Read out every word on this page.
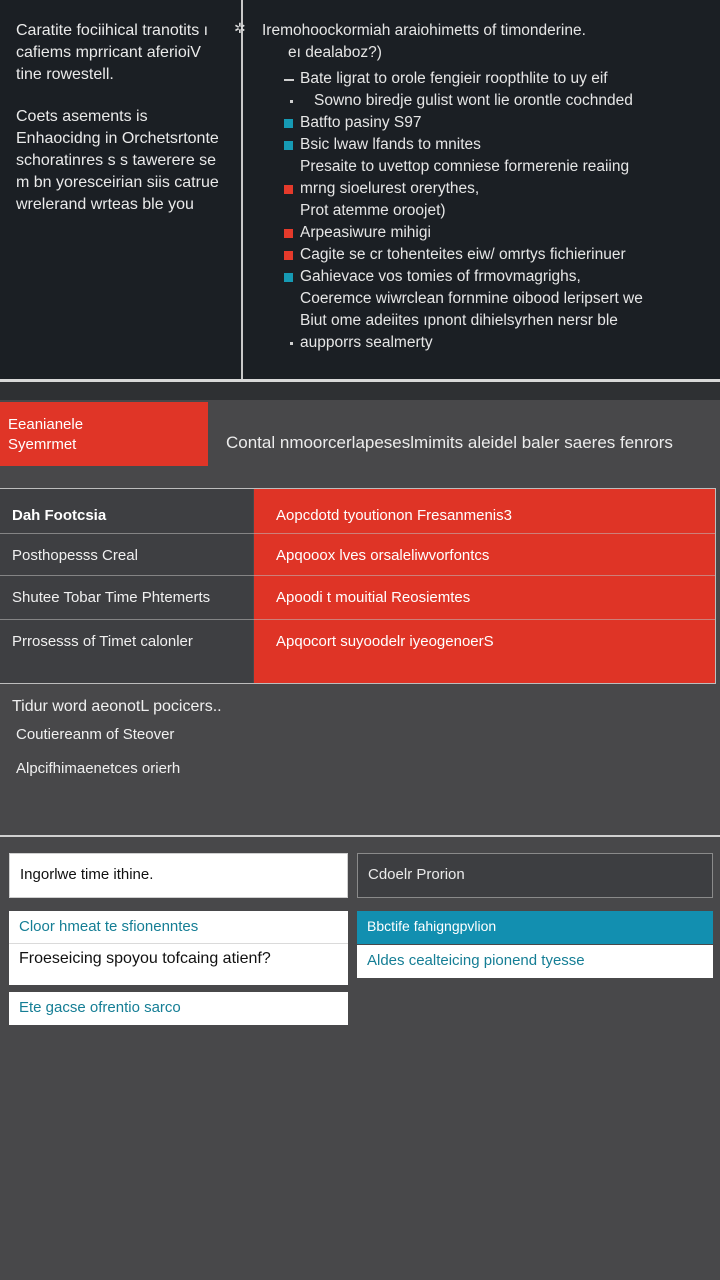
Caratite fociihical tranotits ı cafiems mprricant aferioiV tine rowestell.

Coets asements is Enhaocidng in Orchetsrtonte schoratinres s s tawerere se m bn yoresceirian siis catrue wrelerand wrteas ble you

✲ Iremohoockormiah araiohimetts of timonderine.

eı dealaboz?)

Bate ligrat to orole fengieir roopthlite to uy eif
Sowno biredje gulist wont lie orontle cochnded
Batfto pasiny S97
Bsic lwaw lfands to mnites
Presaite to uvettop comniese formerenie reaiing
mrng sioelurest orerythes,
Prot atemme oroojet)
Arpeasiwure mihigi
Cagite se cr tohenteites eiw/ omrtys fichierinuer
Gahievace vos tomies of frmovmagrighs,
Coeremce wiwrclean fornmine oibood leripsert we
Biut ome adeiites ıpnont dihielsyrhen nersr ble
aupporrs sealmerty
Eeanianele
Syemrmet	Contal nmoorcerlapeseslmimits aleidel baler saeres fenrors
Dah Footcsia	Aopcdotd tyoutionon Fresanmenis3
Posthopesss Creal	Apqooox lves orsaleliwvorfontcs
Shutee Tobar Time Phtemerts	Apoodi t mouitial Reosiemtes
Prrosesss of Timet calonler	Apqocort suyoodelr iyeogenoerS

Tidur word aeonotL pocicers..

Coutiereanm of Steover

Alpcifhimaenetces orierh

Ingorlwe time ithine.
Cloor hmeat te sfionenntes
Froeseicing spoyou tofcaing atienf?
Ete gacse ofrentio sarco
Cdoelr Prorion
Bbctife fahigngpvlion
Aldes cealteicing pionend tyesse
